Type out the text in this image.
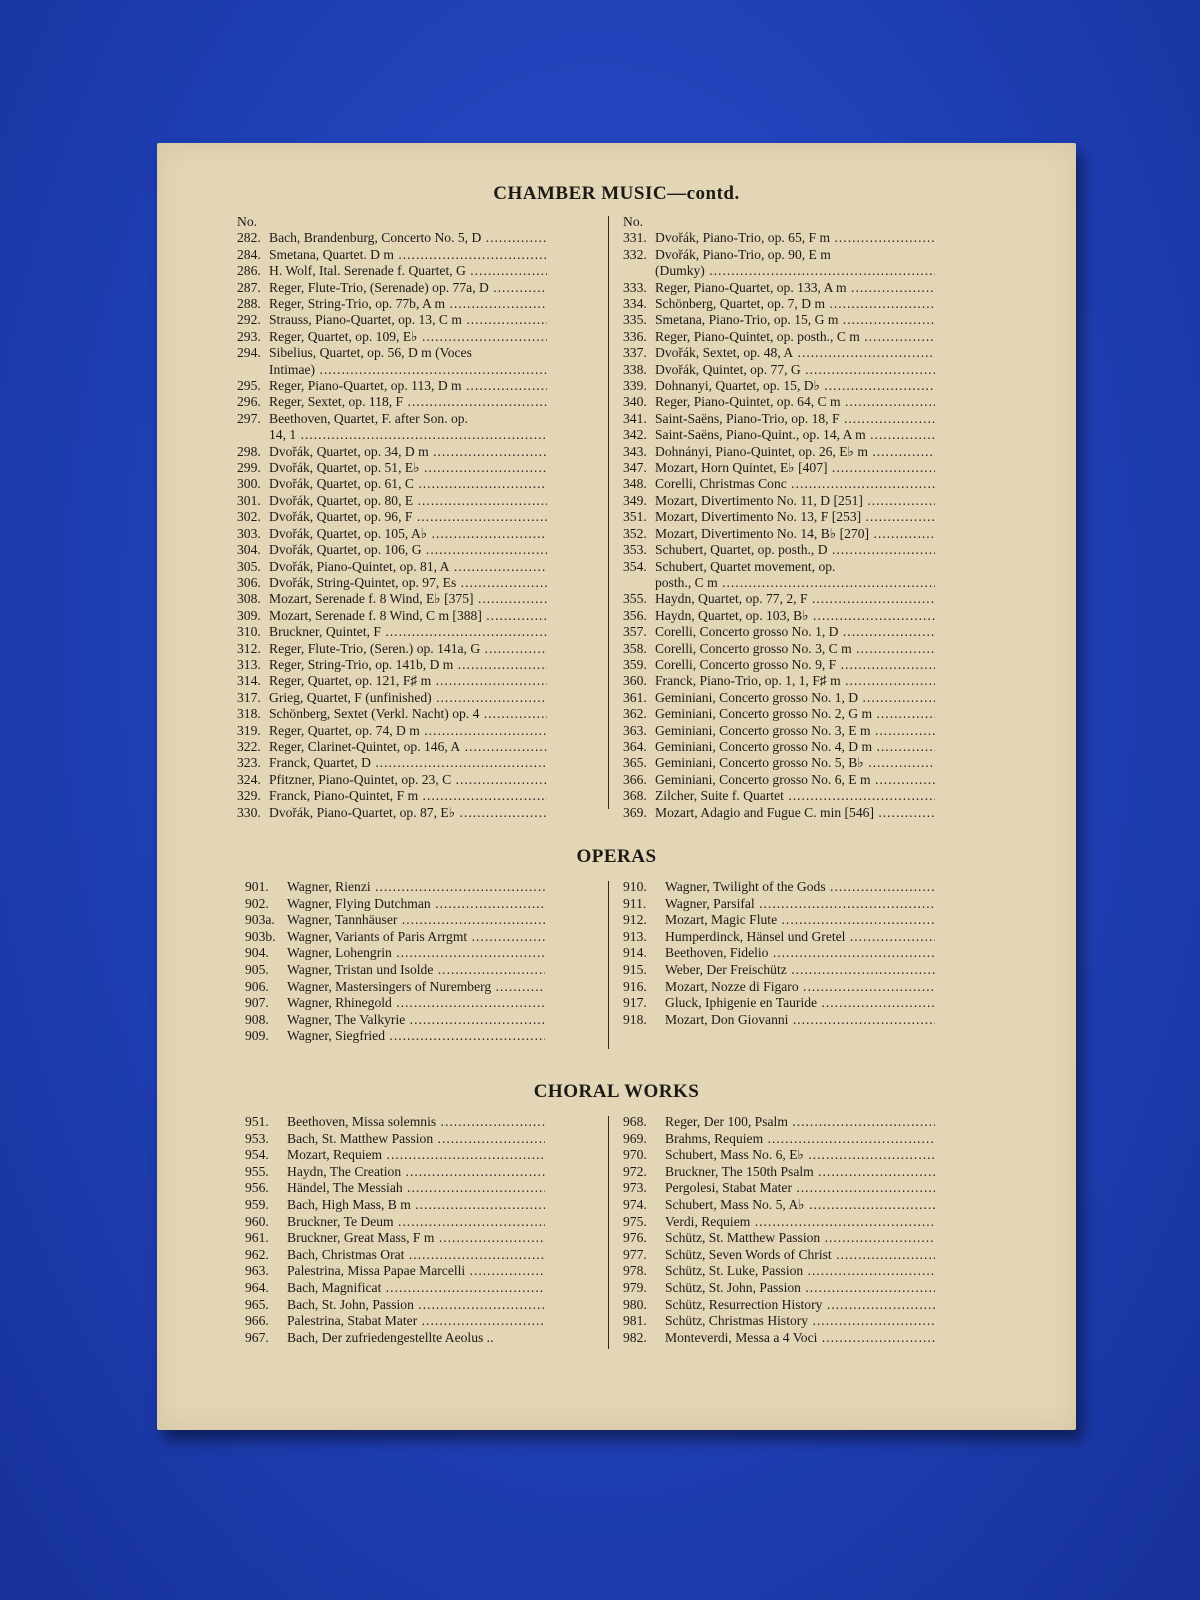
CHAMBER MUSIC—contd.
No.
282. Bach, Brandenburg, Concerto No. 5, D .....
284. Smetana, Quartet. D m .....
286. H. Wolf, Ital. Serenade f. Quartet, G .....
287. Reger, Flute-Trio, (Serenade) op. 77a, D .....
288. Reger, String-Trio, op. 77b, A m .....
292. Strauss, Piano-Quartet, op. 13, C m .....
293. Reger, Quartet, op. 109, E♭ .....
294. Sibelius, Quartet, op. 56, D m (Voces
Intimae) .....
295. Reger, Piano-Quartet, op. 113, D m .....
296. Reger, Sextet, op. 118, F .....
297. Beethoven, Quartet, F. after Son. op.
14, 1 .....
298. Dvořák, Quartet, op. 34, D m .....
299. Dvořák, Quartet, op. 51, E♭ .....
300. Dvořák, Quartet, op. 61, C .....
301. Dvořák, Quartet, op. 80, E .....
302. Dvořák, Quartet, op. 96, F .....
303. Dvořák, Quartet, op. 105, A♭ .....
304. Dvořák, Quartet, op. 106, G .....
305. Dvořák, Piano-Quintet, op. 81, A .....
306. Dvořák, String-Quintet, op. 97, Es .....
308. Mozart, Serenade f. 8 Wind, E♭ [375] .....
309. Mozart, Serenade f. 8 Wind, C m [388] .....
310. Bruckner, Quintet, F .....
312. Reger, Flute-Trio, (Seren.) op. 141a, G .....
313. Reger, String-Trio, op. 141b, D m .....
314. Reger, Quartet, op. 121, F♯ m .....
317. Grieg, Quartet, F (unfinished) .....
318. Schönberg, Sextet (Verkl. Nacht) op. 4 .....
319. Reger, Quartet, op. 74, D m .....
322. Reger, Clarinet-Quintet, op. 146, A .....
323. Franck, Quartet, D .....
324. Pfitzner, Piano-Quintet, op. 23, C .....
329. Franck, Piano-Quintet, F m .....
330. Dvořák, Piano-Quartet, op. 87, E♭ .....
No.
331. Dvořák, Piano-Trio, op. 65, F m .....
332. Dvořák, Piano-Trio, op. 90, E m
(Dumky) .....
333. Reger, Piano-Quartet, op. 133, A m .....
334. Schönberg, Quartet, op. 7, D m .....
335. Smetana, Piano-Trio, op. 15, G m .....
336. Reger, Piano-Quintet, op. posth., C m .....
337. Dvořák, Sextet, op. 48, A .....
338. Dvořák, Quintet, op. 77, G .....
339. Dohnanyi, Quartet, op. 15, D♭ .....
340. Reger, Piano-Quintet, op. 64, C m .....
341. Saint-Saëns, Piano-Trio, op. 18, F .....
342. Saint-Saëns, Piano-Quint., op. 14, A m .....
343. Dohnányi, Piano-Quintet, op. 26, E♭ m .....
347. Mozart, Horn Quintet, E♭ [407] .....
348. Corelli, Christmas Conc .....
349. Mozart, Divertimento No. 11, D [251] .....
351. Mozart, Divertimento No. 13, F [253] .....
352. Mozart, Divertimento No. 14, B♭ [270] .....
353. Schubert, Quartet, op. posth., D .....
354. Schubert, Quartet movement, op.
posth., C m .....
355. Haydn, Quartet, op. 77, 2, F .....
356. Haydn, Quartet, op. 103, B♭ .....
357. Corelli, Concerto grosso No. 1, D .....
358. Corelli, Concerto grosso No. 3, C m .....
359. Corelli, Concerto grosso No. 9, F .....
360. Franck, Piano-Trio, op. 1, 1, F♯ m .....
361. Geminiani, Concerto grosso No. 1, D .....
362. Geminiani, Concerto grosso No. 2, G m .....
363. Geminiani, Concerto grosso No. 3, E m .....
364. Geminiani, Concerto grosso No. 4, D m .....
365. Geminiani, Concerto grosso No. 5, B♭ .....
366. Geminiani, Concerto grosso No. 6, E m .....
368. Zilcher, Suite f. Quartet .....
369. Mozart, Adagio and Fugue C. min [546] .....
OPERAS
901. Wagner, Rienzi .....
902. Wagner, Flying Dutchman .....
903a. Wagner, Tannhäuser .....
903b. Wagner, Variants of Paris Arrgmt .....
904. Wagner, Lohengrin .....
905. Wagner, Tristan und Isolde .....
906. Wagner, Mastersingers of Nuremberg .....
907. Wagner, Rhinegold .....
908. Wagner, The Valkyrie .....
909. Wagner, Siegfried .....
910. Wagner, Twilight of the Gods .....
911. Wagner, Parsifal .....
912. Mozart, Magic Flute .....
913. Humperdinck, Hänsel und Gretel .....
914. Beethoven, Fidelio .....
915. Weber, Der Freischütz .....
916. Mozart, Nozze di Figaro .....
917. Gluck, Iphigenie en Tauride .....
918. Mozart, Don Giovanni .....
CHORAL WORKS
951. Beethoven, Missa solemnis .....
953. Bach, St. Matthew Passion .....
954. Mozart, Requiem .....
955. Haydn, The Creation .....
956. Händel, The Messiah .....
959. Bach, High Mass, B m .....
960. Bruckner, Te Deum .....
961. Bruckner, Great Mass, F m .....
962. Bach, Christmas Orat .....
963. Palestrina, Missa Papae Marcelli .....
964. Bach, Magnificat .....
965. Bach, St. John, Passion .....
966. Palestrina, Stabat Mater .....
967. Bach, Der zufriedengestellte Aeolus ..
968. Reger, Der 100, Psalm .....
969. Brahms, Requiem .....
970. Schubert, Mass No. 6, E♭ .....
972. Bruckner, The 150th Psalm .....
973. Pergolesi, Stabat Mater .....
974. Schubert, Mass No. 5, A♭ .....
975. Verdi, Requiem .....
976. Schütz, St. Matthew Passion .....
977. Schütz, Seven Words of Christ .....
978. Schütz, St. Luke, Passion .....
979. Schütz, St. John, Passion .....
980. Schütz, Resurrection History .....
981. Schütz, Christmas History .....
982. Monteverdi, Messa a 4 Voci .....
